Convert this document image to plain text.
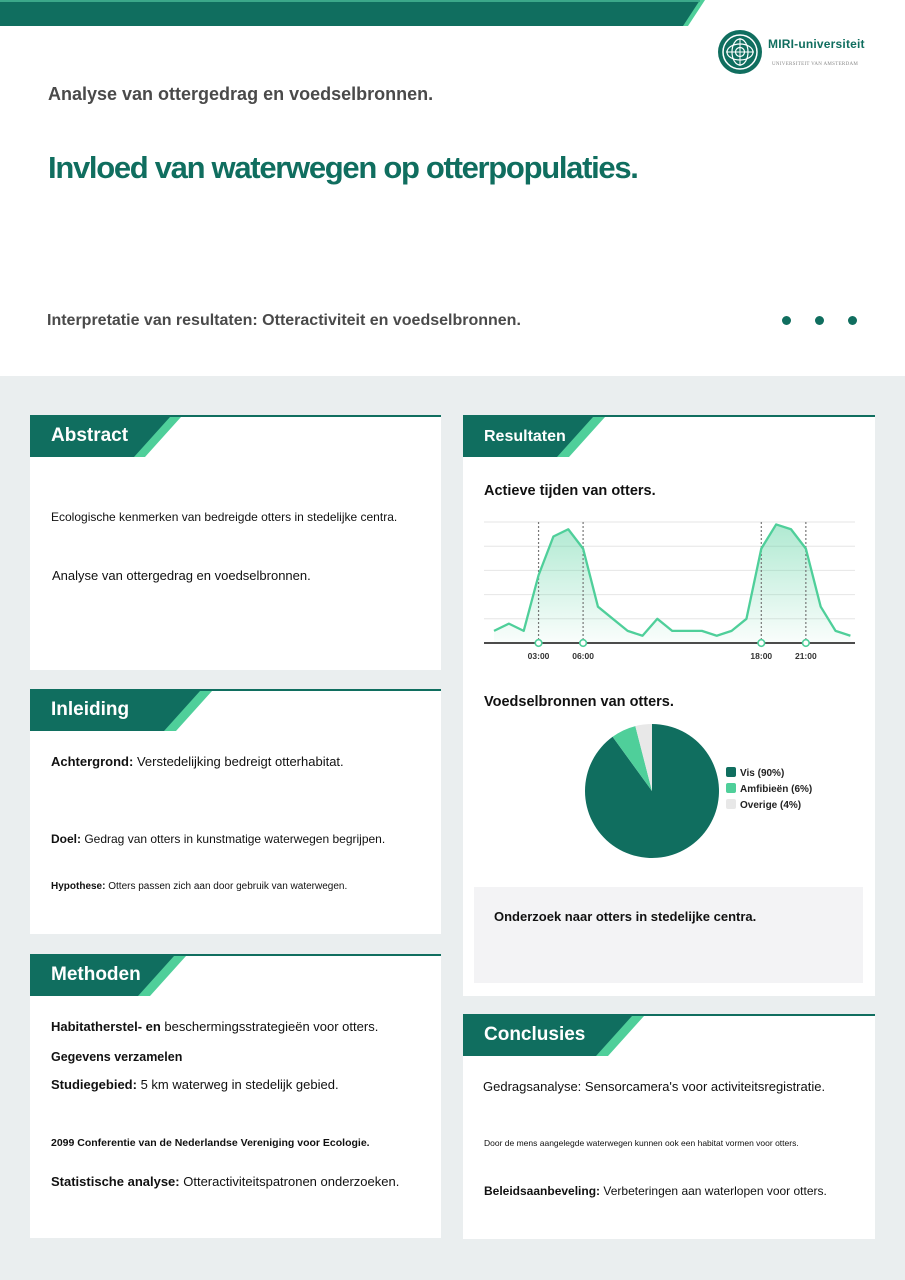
MIRI-universiteit
UNIVERSITEIT VAN AMSTERDAM
Analyse van ottergedrag en voedselbronnen.
Invloed van waterwegen op otterpopulaties.
Interpretatie van resultaten: Otteractiviteit en voedselbronnen.
Abstract
Ecologische kenmerken van bedreigde otters in stedelijke centra.
Analyse van ottergedrag en voedselbronnen.
Inleiding
Achtergrond: Verstedelijking bedreigt otterhabitat.
Doel: Gedrag van otters in kunstmatige waterwegen begrijpen.
Hypothese: Otters passen zich aan door gebruik van waterwegen.
Methoden
Habitatherstel- en beschermingsstrategieën voor otters.
Gegevens verzamelen
Studiegebied: 5 km waterweg in stedelijk gebied.
2099 Conferentie van de Nederlandse Vereniging voor Ecologie.
Statistische analyse: Otteractiviteitspatronen onderzoeken.
Resultaten
Actieve tijden van otters.
03:00	06:00	18:00	21:00
Voedselbronnen van otters.
Vis (90%)
Amfibieën (6%)
Overige (4%)
Onderzoek naar otters in stedelijke centra.
Conclusies
Gedragsanalyse: Sensorcamera's voor activiteitsregistratie.
Door de mens aangelegde waterwegen kunnen ook een habitat vormen voor otters.
Beleidsaanbeveling: Verbeteringen aan waterlopen voor otters.
